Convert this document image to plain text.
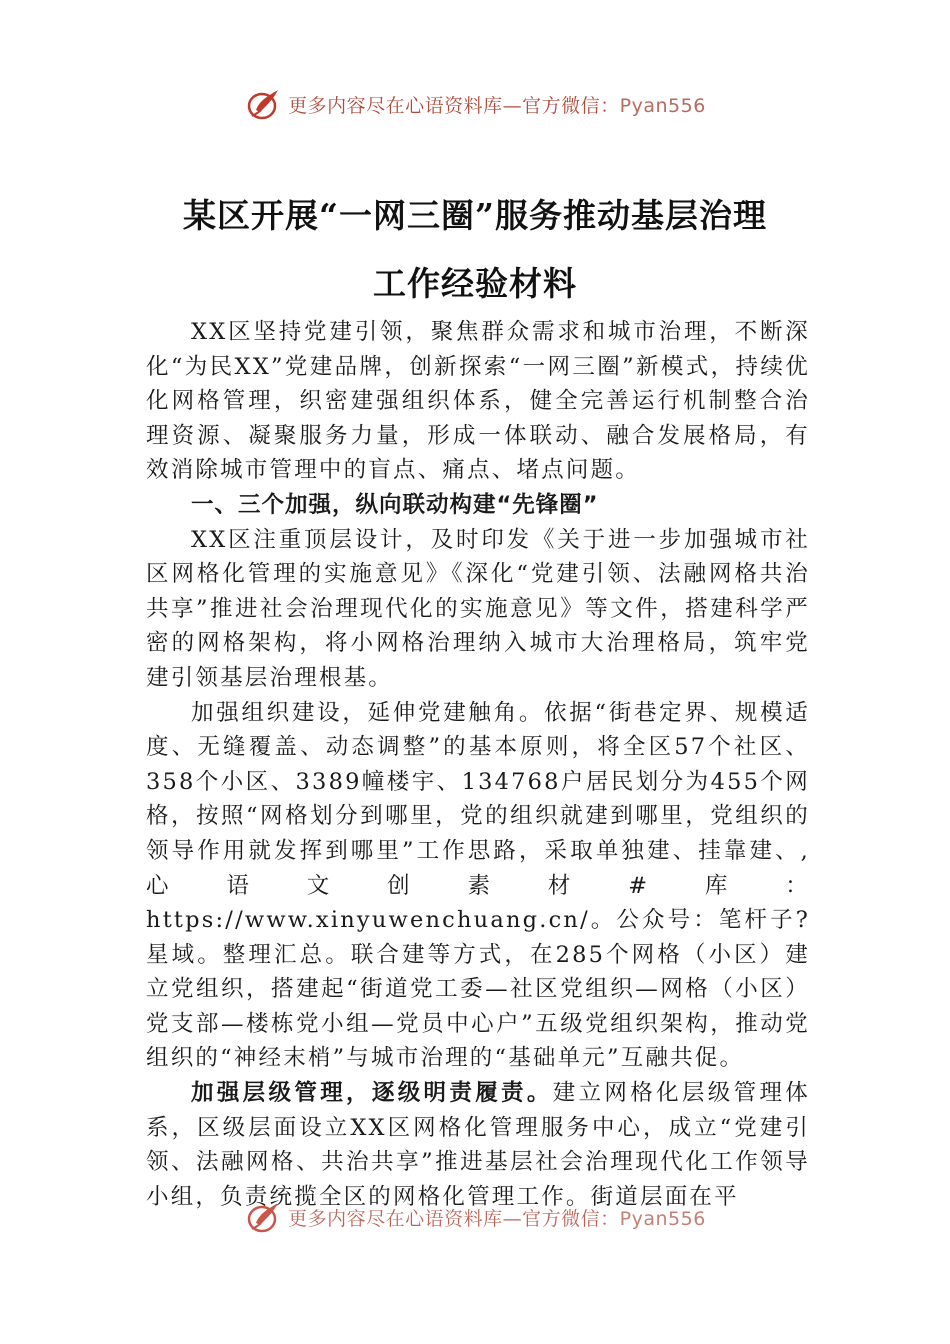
更多内容尽在心语资料库—官方微信：Pyan556
某区开展“一网三圈”服务推动基层治理
工作经验材料

XX区坚持党建引领，聚焦群众需求和城市治理，不断深化“为民XX”党建品牌，创新探索“一网三圈”新模式，持续优化网格管理，织密建强组织体系，健全完善运行机制整合治理资源、凝聚服务力量，形成一体联动、融合发展格局，有效消除城市管理中的盲点、痛点、堵点问题。

一、三个加强，纵向联动构建“先锋圈”

XX区注重顶层设计，及时印发《关于进一步加强城市社区网格化管理的实施意见》《深化“党建引领、法融网格共治共享”推进社会治理现代化的实施意见》等文件，搭建科学严密的网格架构，将小网格治理纳入城市大治理格局，筑牢党建引领基层治理根基。

加强组织建设，延伸党建触角。依据“街巷定界、规模适度、无缝覆盖、动态调整”的基本原则，将全区57个社区、358个小区、3389幢楼宇、134768户居民划分为455个网格，按照“网格划分到哪里，党的组织就建到哪里，党组织的领导作用就发挥到哪里”工作思路，采取单独建、挂靠建、,心语文创素材#库：https://www.xinyuwenchuang.cn/。公众号：笔杆子?星域。整理汇总。联合建等方式，在285个网格（小区）建立党组织，搭建起“街道党工委—社区党组织—网格（小区）党支部—楼栋党小组—党员中心户”五级党组织架构，推动党组织的“神经末梢”与城市治理的“基础单元”互融共促。

加强层级管理，逐级明责履责。建立网格化层级管理体系，区级层面设立XX区网格化管理服务中心，成立“党建引领、法融网格、共治共享”推进基层社会治理现代化工作领导小组，负责统揽全区的网格化管理工作。街道层面在平

更多内容尽在心语资料库—官方微信：Pyan556
